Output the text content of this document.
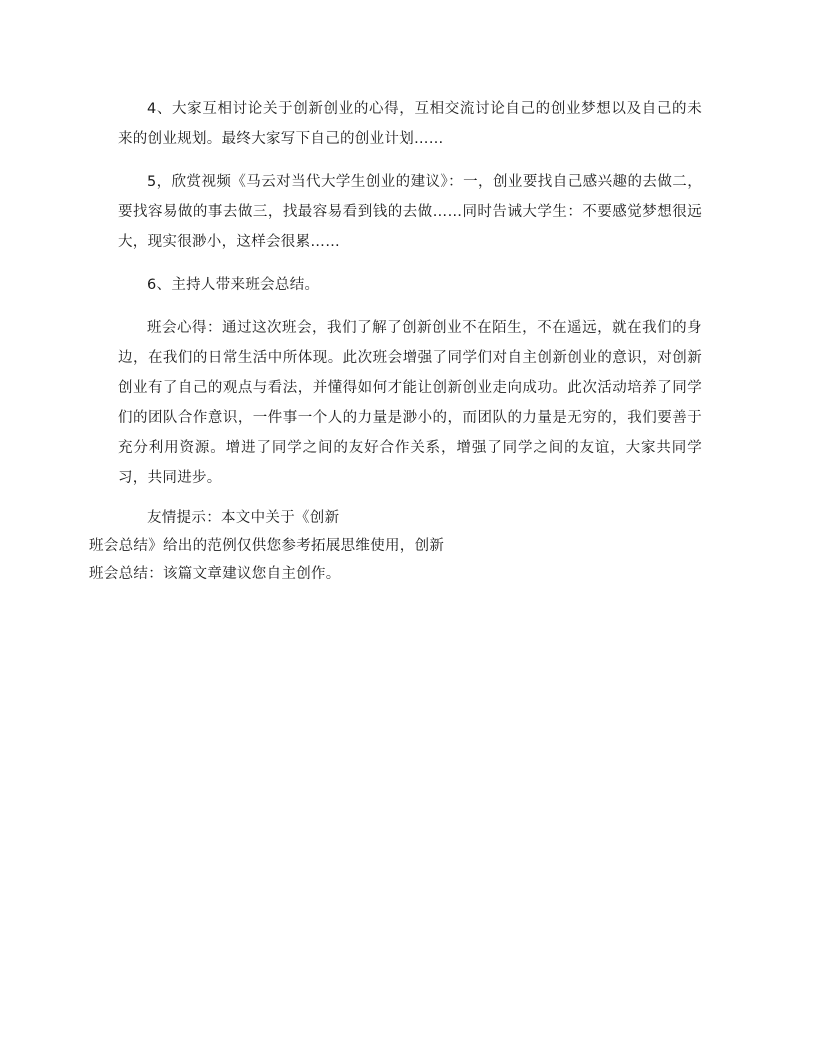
4、大家互相讨论关于创新创业的心得，互相交流讨论自己的创业梦想以及自己的未来的创业规划。最终大家写下自己的创业计划……

5，欣赏视频《马云对当代大学生创业的建议》：一，创业要找自己感兴趣的去做二，要找容易做的事去做三，找最容易看到钱的去做……同时告诫大学生：不要感觉梦想很远大，现实很渺小，这样会很累……

6、主持人带来班会总结。

班会心得：通过这次班会，我们了解了创新创业不在陌生，不在遥远，就在我们的身边，在我们的日常生活中所体现。此次班会增强了同学们对自主创新创业的意识，对创新创业有了自己的观点与看法，并懂得如何才能让创新创业走向成功。此次活动培养了同学们的团队合作意识，一件事一个人的力量是渺小的，而团队的力量是无穷的，我们要善于充分利用资源。增进了同学之间的友好合作关系，增强了同学之间的友谊，大家共同学习，共同进步。

友情提示：本文中关于《创新

班会总结》给出的范例仅供您参考拓展思维使用，创新

班会总结：该篇文章建议您自主创作。
